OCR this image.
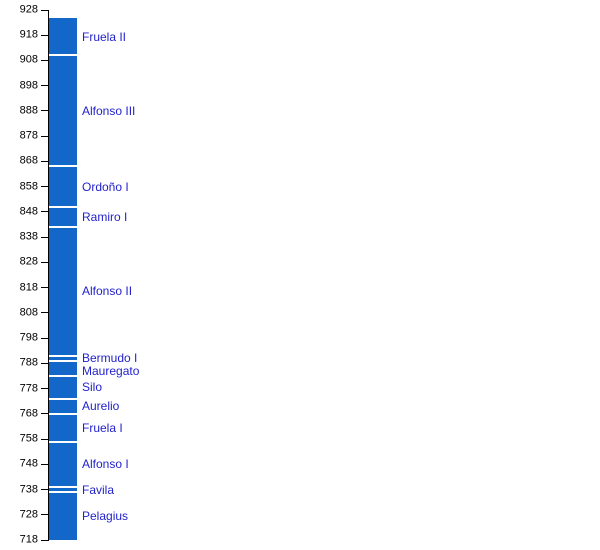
928
918
908
898
888
878
868
858
848
838
828
818
808
798
788
778
768
758
748
738
728
718
Fruela II
Alfonso III
Ordoño I
Ramiro I
Alfonso II
Bermudo I
Mauregato
Silo
Aurelio
Fruela I
Alfonso I
Favila
Pelagius
